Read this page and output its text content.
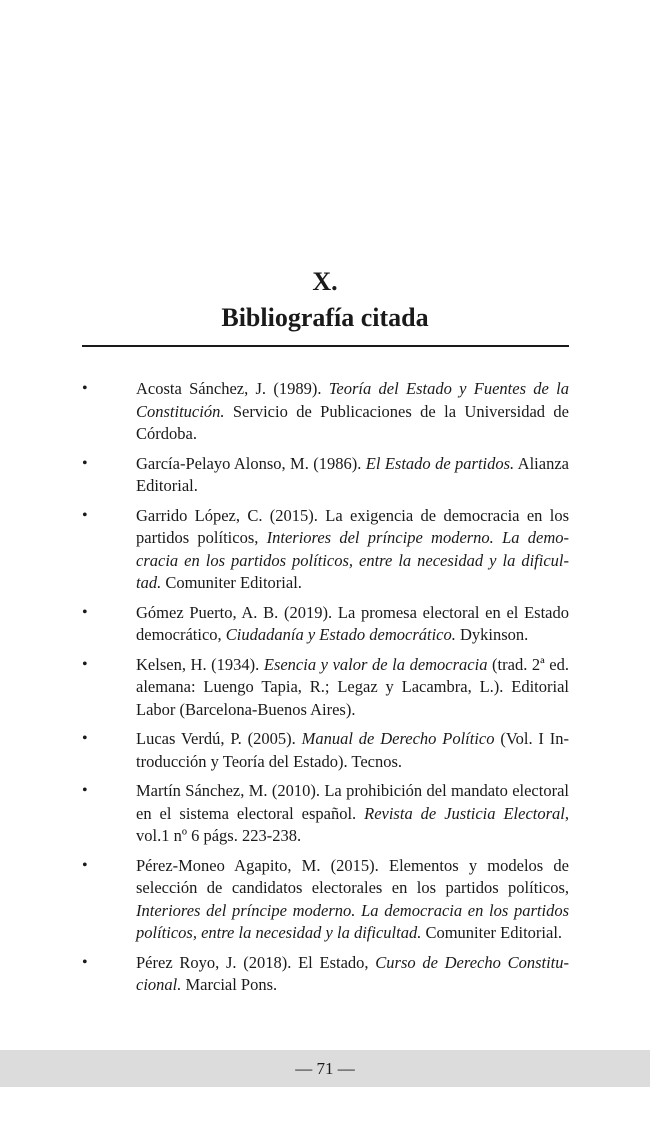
X.

Bibliografía citada

•	Acosta Sánchez, J. (1989). Teoría del Estado y Fuentes de la Constitución. Servicio de Publicaciones de la Universidad de Córdoba.
•	García-Pelayo Alonso, M. (1986). El Estado de partidos. Alianza Editorial.
•	Garrido López, C. (2015). La exigencia de democracia en los partidos políticos, Interiores del príncipe moderno. La democracia en los partidos políticos, entre la necesidad y la dificultad. Comuniter Editorial.
•	Gómez Puerto, A. B. (2019). La promesa electoral en el Estado democrático, Ciudadanía y Estado democrático. Dykinson.
•	Kelsen, H. (1934). Esencia y valor de la democracia (trad. 2ª ed. alemana: Luengo Tapia, R.; Legaz y Lacambra, L.). Editorial Labor (Barcelona-Buenos Aires).
•	Lucas Verdú, P. (2005). Manual de Derecho Político (Vol. I Introducción y Teoría del Estado). Tecnos.
•	Martín Sánchez, M. (2010). La prohibición del mandato electoral en el sistema electoral español. Revista de Justicia Electoral, vol.1 nº 6 págs. 223-238.
•	Pérez-Moneo Agapito, M. (2015). Elementos y modelos de selección de candidatos electorales en los partidos políticos, Interiores del príncipe moderno. La democracia en los partidos políticos, entre la necesidad y la dificultad. Comuniter Editorial.
•	Pérez Royo, J. (2018). El Estado, Curso de Derecho Constitucional. Marcial Pons.
— 71 —
